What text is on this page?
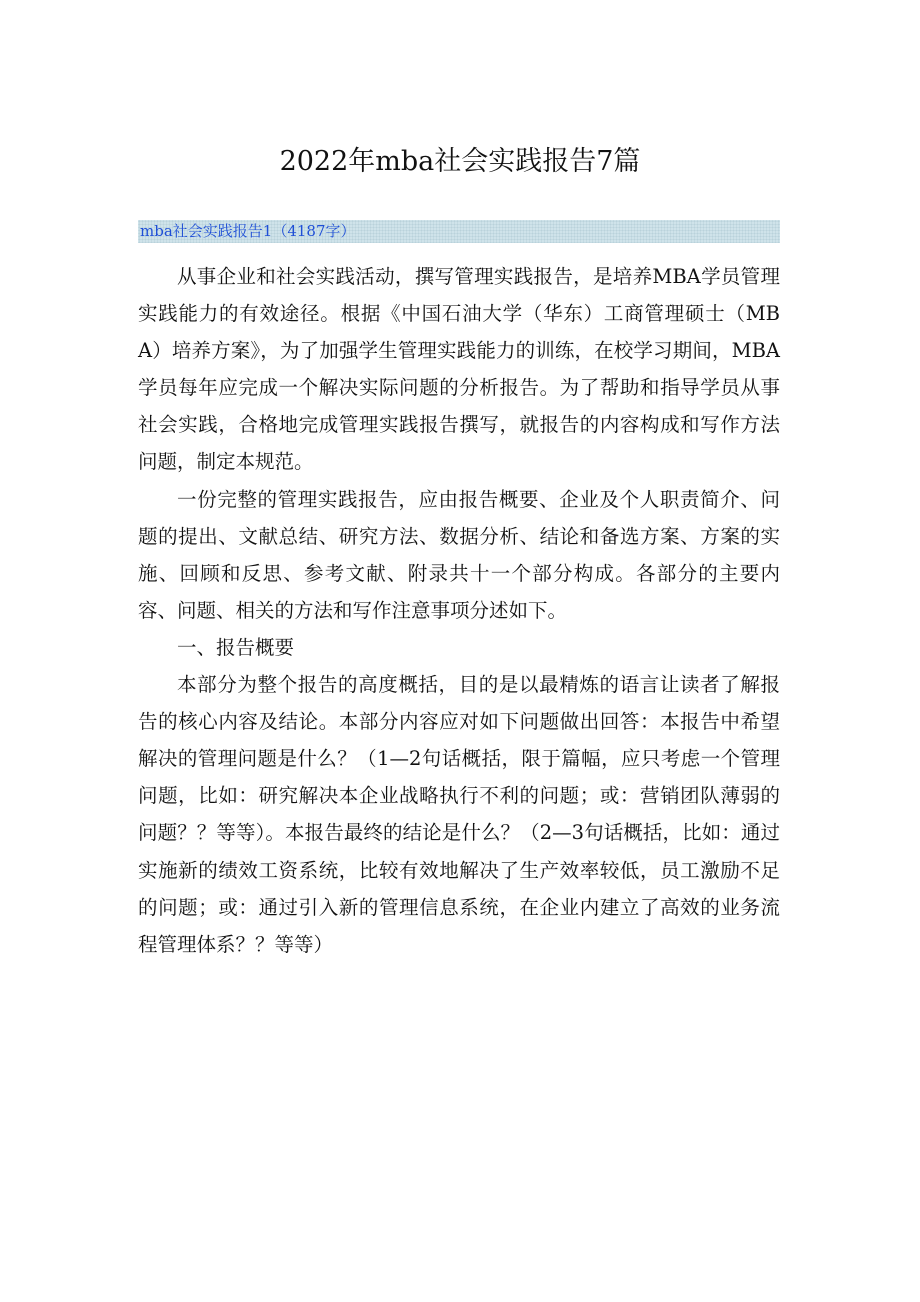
2022年mba社会实践报告7篇
mba社会实践报告1（4187字）

从事企业和社会实践活动，撰写管理实践报告，是培养MBA学员管理实践能力的有效途径。根据《中国石油大学（华东）工商管理硕士（MBA）培养方案》，为了加强学生管理实践能力的训练，在校学习期间，MBA学员每年应完成一个解决实际问题的分析报告。为了帮助和指导学员从事社会实践，合格地完成管理实践报告撰写，就报告的内容构成和写作方法问题，制定本规范。

一份完整的管理实践报告，应由报告概要、企业及个人职责简介、问题的提出、文献总结、研究方法、数据分析、结论和备选方案、方案的实施、回顾和反思、参考文献、附录共十一个部分构成。各部分的主要内容、问题、相关的方法和写作注意事项分述如下。

一、报告概要

本部分为整个报告的高度概括，目的是以最精炼的语言让读者了解报告的核心内容及结论。本部分内容应对如下问题做出回答：本报告中希望解决的管理问题是什么？（1—2句话概括，限于篇幅，应只考虑一个管理问题，比如：研究解决本企业战略执行不利的问题；或：营销团队薄弱的问题？？等等）。本报告最终的结论是什么？（2—3句话概括，比如：通过实施新的绩效工资系统，比较有效地解决了生产效率较低，员工激励不足的问题；或：通过引入新的管理信息系统，在企业内建立了高效的业务流程管理体系？？等等）
